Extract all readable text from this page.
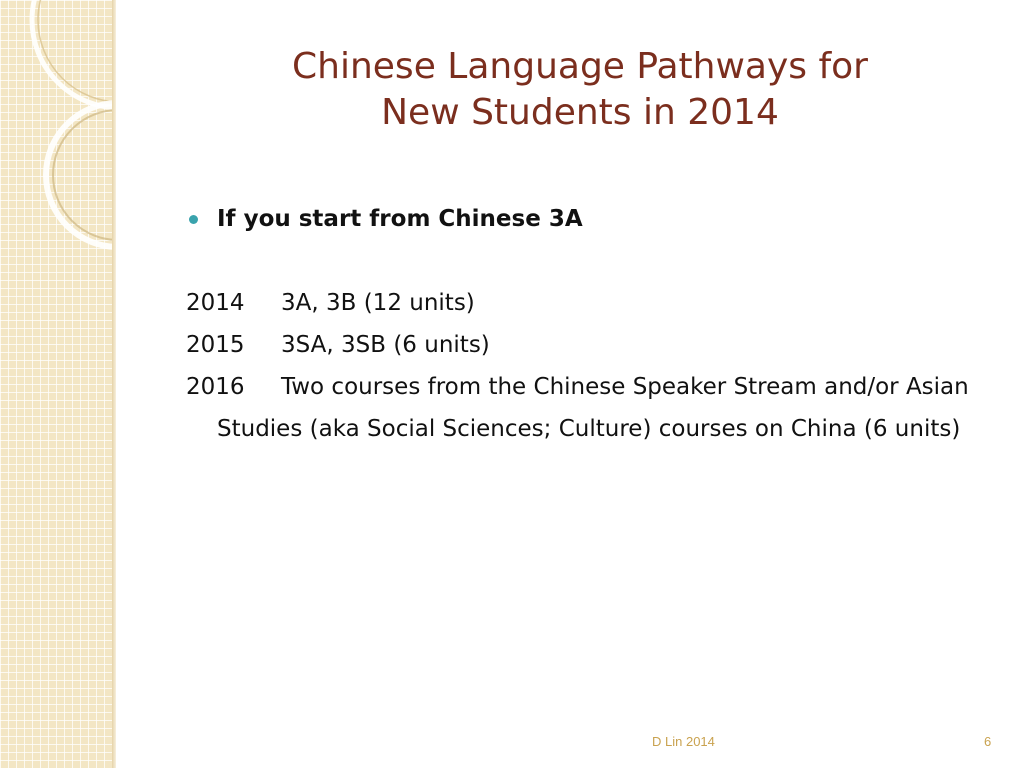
Chinese Language Pathways for
New Students in 2014
If you start from Chinese 3A
2014 3A, 3B (12 units)
2015 3SA, 3SB (6 units)
2016 Two courses from the Chinese Speaker Stream and/or Asian Studies (aka Social Sciences; Culture) courses on China (6 units)
D Lin 2014	6
